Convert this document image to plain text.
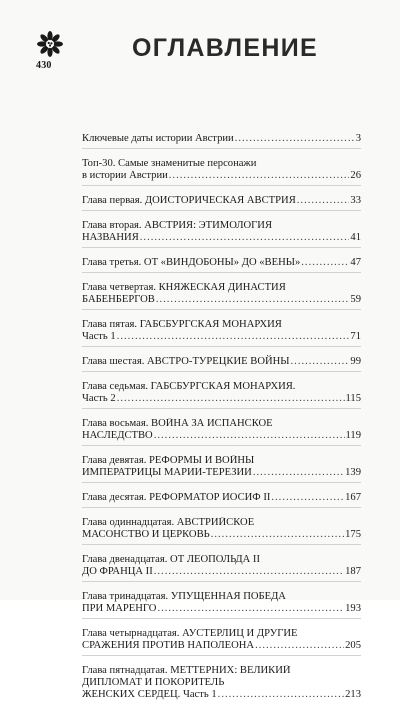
430
ОГЛАВЛЕНИЕ
Ключевые даты истории Австрии .....	3
Топ-30. Самые знаменитые персонажи
в истории Австрии .....	26
Глава первая. ДОИСТОРИЧЕСКАЯ АВСТРИЯ .....	33
Глава вторая. АВСТРИЯ: ЭТИМОЛОГИЯ
НАЗВАНИЯ .....	41
Глава третья. ОТ «ВИНДОБОНЫ» ДО «ВЕНЫ» .....	47
Глава четвертая. КНЯЖЕСКАЯ ДИНАСТИЯ
БАБЕНБЕРГОВ .....	59
Глава пятая. ГАБСБУРГСКАЯ МОНАРХИЯ
Часть 1 .....	71
Глава шестая. АВСТРО-ТУРЕЦКИЕ ВОЙНЫ .....	99
Глава седьмая. ГАБСБУРГСКАЯ МОНАРХИЯ.
Часть 2 .....	115
Глава восьмая. ВОЙНА ЗА ИСПАНСКОЕ
НАСЛЕДСТВО .....	119
Глава девятая. РЕФОРМЫ И ВОЙНЫ
ИМПЕРАТРИЦЫ МАРИИ-ТЕРЕЗИИ .....	139
Глава десятая. РЕФОРМАТОР ИОСИФ II .....	167
Глава одиннадцатая. АВСТРИЙСКОЕ
МАСОНСТВО И ЦЕРКОВЬ .....	175
Глава двенадцатая. ОТ ЛЕОПОЛЬДА II
ДО ФРАНЦА II .....	187
Глава тринадцатая. УПУЩЕННАЯ ПОБЕДА
ПРИ МАРЕНГО .....	193
Глава четырнадцатая. АУСТЕРЛИЦ И ДРУГИЕ
СРАЖЕНИЯ ПРОТИВ НАПОЛЕОНА .....	205
Глава пятнадцатая. МЕТТЕРНИХ: ВЕЛИКИЙ
ДИПЛОМАТ И ПОКОРИТЕЛЬ
ЖЕНСКИХ СЕРДЕЦ. Часть 1 .....	213
